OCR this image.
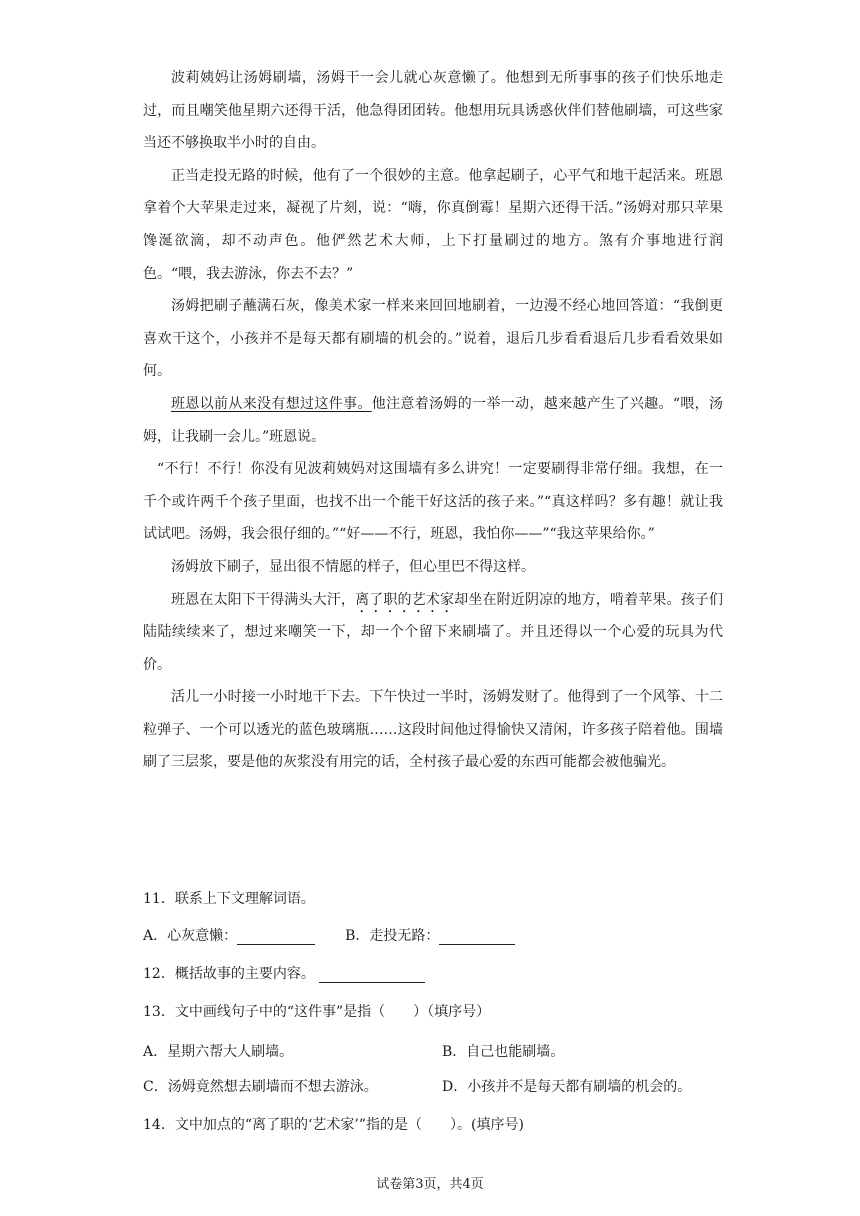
波莉姨妈让汤姆刷墙，汤姆干一会儿就心灰意懒了。他想到无所事事的孩子们快乐地走过，而且嘲笑他星期六还得干活，他急得团团转。他想用玩具诱惑伙伴们替他刷墙，可这些家当还不够换取半小时的自由。

正当走投无路的时候，他有了一个很妙的主意。他拿起刷子，心平气和地干起活来。班恩拿着个大苹果走过来，凝视了片刻，说：“嗨，你真倒霉！星期六还得干活。”汤姆对那只苹果馋涎欲滴，却不动声色。他俨然艺术大师，上下打量刷过的地方。煞有介事地进行润色。“喂，我去游泳，你去不去？”

汤姆把刷子蘸满石灰，像美术家一样来来回回地刷着，一边漫不经心地回答道：“我倒更喜欢干这个，小孩并不是每天都有刷墙的机会的。”说着，退后几步看看退后几步看看效果如何。

班恩以前从来没有想过这件事。他注意着汤姆的一举一动，越来越产生了兴趣。“喂，汤姆，让我刷一会儿。”班恩说。

“不行！不行！你没有见波莉姨妈对这围墙有多么讲究！一定要刷得非常仔细。我想，在一千个或许两千个孩子里面，也找不出一个能干好这活的孩子来。”“真这样吗？多有趣！就让我试试吧。汤姆，我会很仔细的。”“好——不行，班恩，我怕你——”“我这苹果给你。”

汤姆放下刷子，显出很不情愿的样子，但心里巴不得这样。

班恩在太阳下干得满头大汗，离了职的艺术家却坐在附近阴凉的地方，啃着苹果。孩子们陆陆续续来了，想过来嘲笑一下，却一个个留下来刷墙了。并且还得以一个心爱的玩具为代价。

活儿一小时接一小时地干下去。下午快过一半时，汤姆发财了。他得到了一个风筝、十二粒弹子、一个可以透光的蓝色玻璃瓶……这段时间他过得愉快又清闲，许多孩子陪着他。围墙刷了三层浆，要是他的灰浆没有用完的话，全村孩子最心爱的东西可能都会被他骗光。

11．联系上下文理解词语。
A．心灰意懒：	B．走投无路：
12．概括故事的主要内容。
13．文中画线句子中的“这件事”是指（　　）（填序号）
A．星期六帮大人刷墙。	B．自己也能刷墙。
C．汤姆竟然想去刷墙而不想去游泳。	D．小孩并不是每天都有刷墙的机会的。
14．文中加点的“离了职的‘艺术家’”指的是（　　）。(填序号)
试卷第3页，共4页
